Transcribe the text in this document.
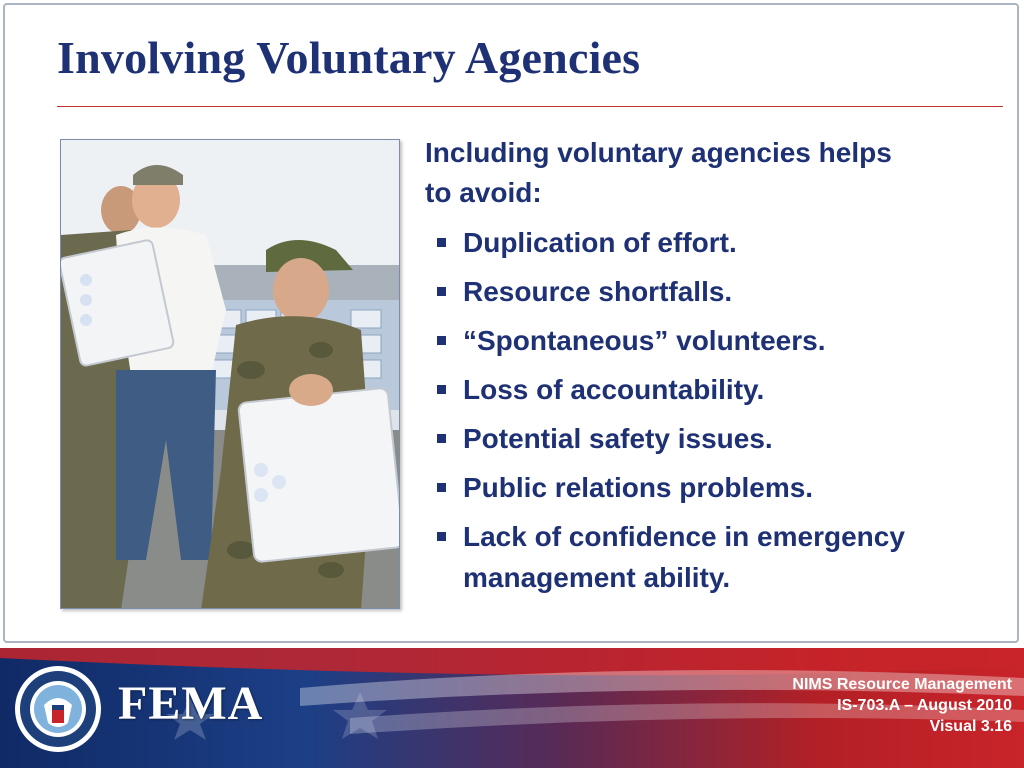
Involving Voluntary Agencies

Including voluntary agencies helps to avoid:

Duplication of effort.
Resource shortfalls.
“Spontaneous” volunteers.
Loss of accountability.
Potential safety issues.
Public relations problems.
Lack of confidence in emergency management ability.
FEMA	NIMS Resource Management
IS-703.A – August 2010
Visual 3.16
